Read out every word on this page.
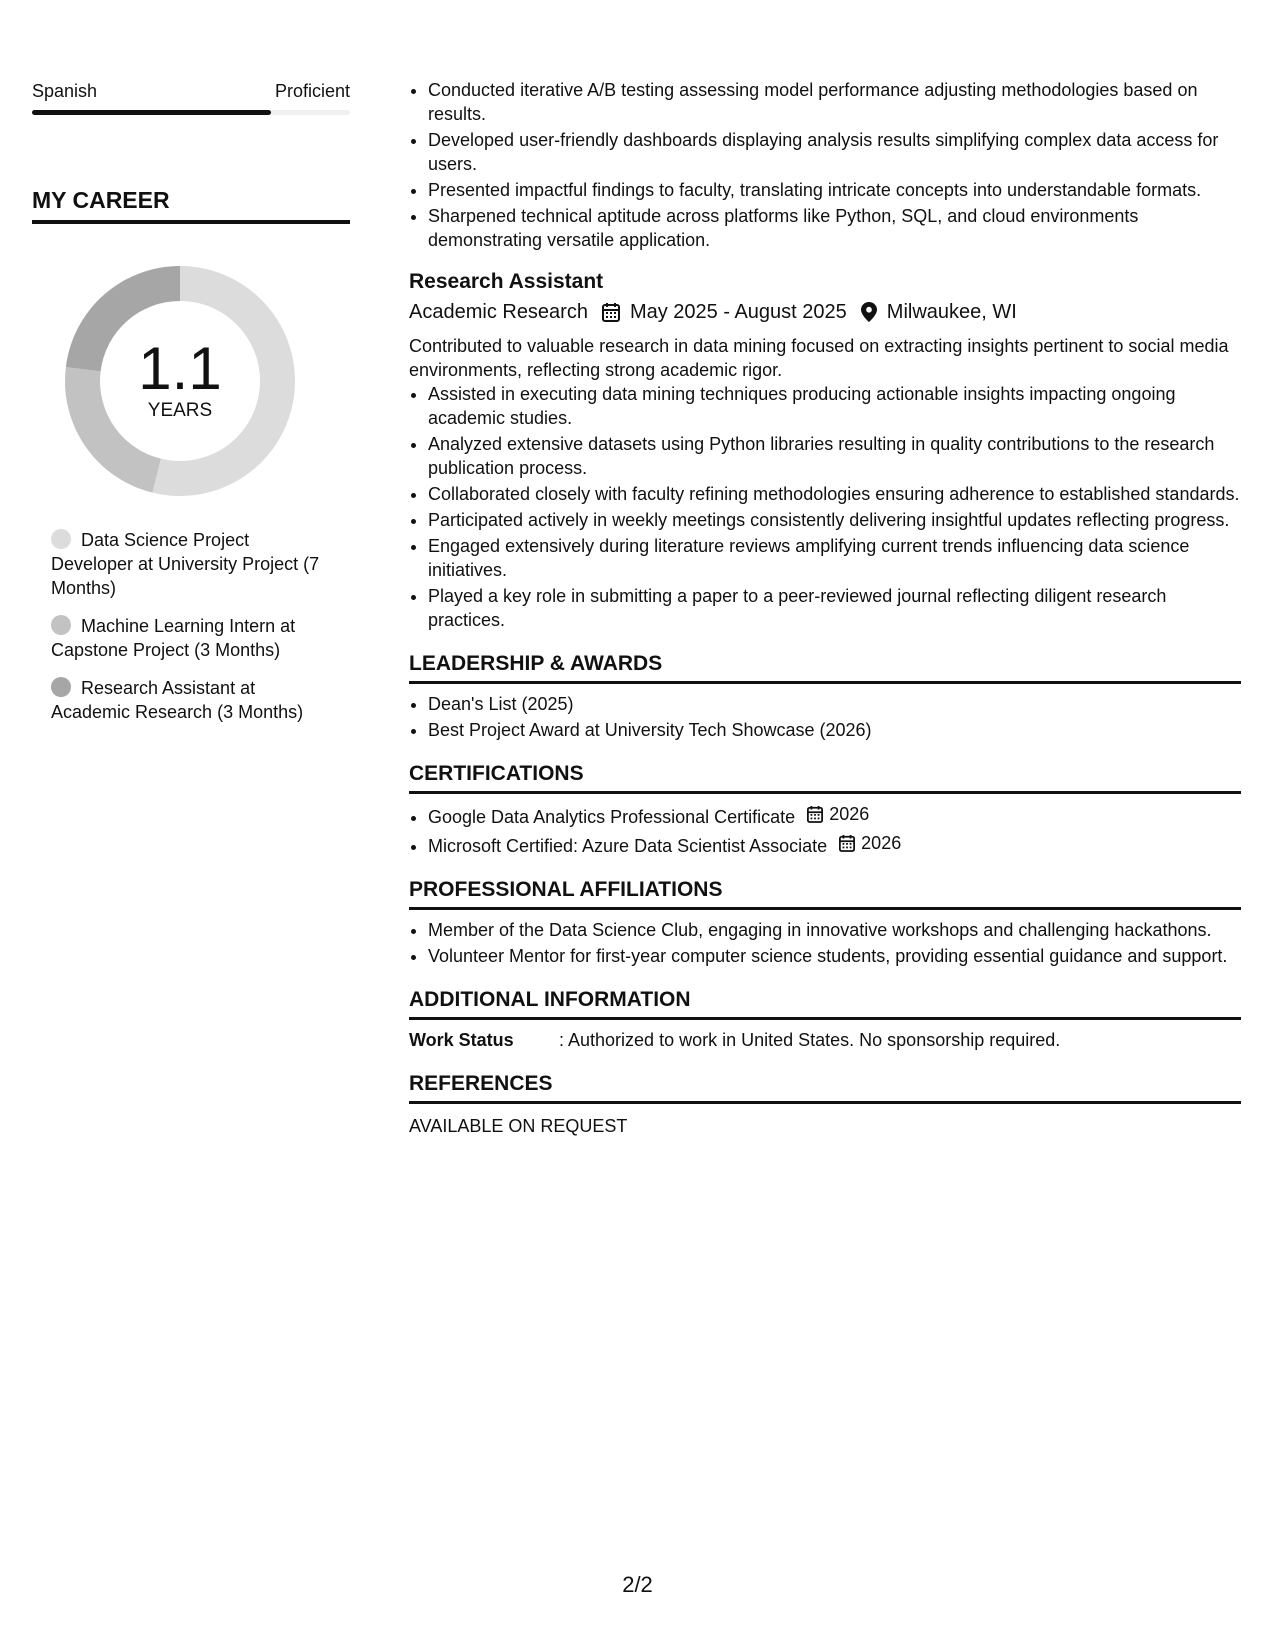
Spanish	Proficient
MY CAREER
1.1
YEARS
Data Science Project Developer at University Project (7 Months)
Machine Learning Intern at Capstone Project (3 Months)
Research Assistant at Academic Research (3 Months)
• Conducted iterative A/B testing assessing model performance adjusting methodologies based on results.
• Developed user-friendly dashboards displaying analysis results simplifying complex data access for users.
• Presented impactful findings to faculty, translating intricate concepts into understandable formats.
• Sharpened technical aptitude across platforms like Python, SQL, and cloud environments demonstrating versatile application.
Research Assistant
Academic Research May 2025 - August 2025 Milwaukee, WI
Contributed to valuable research in data mining focused on extracting insights pertinent to social media environments, reflecting strong academic rigor.
• Assisted in executing data mining techniques producing actionable insights impacting ongoing academic studies.
• Analyzed extensive datasets using Python libraries resulting in quality contributions to the research publication process.
• Collaborated closely with faculty refining methodologies ensuring adherence to established standards.
• Participated actively in weekly meetings consistently delivering insightful updates reflecting progress.
• Engaged extensively during literature reviews amplifying current trends influencing data science initiatives.
• Played a key role in submitting a paper to a peer-reviewed journal reflecting diligent research practices.
LEADERSHIP & AWARDS
• Dean's List (2025)
• Best Project Award at University Tech Showcase (2026)
CERTIFICATIONS
• Google Data Analytics Professional Certificate 2026
• Microsoft Certified: Azure Data Scientist Associate 2026
PROFESSIONAL AFFILIATIONS
• Member of the Data Science Club, engaging in innovative workshops and challenging hackathons.
• Volunteer Mentor for first-year computer science students, providing essential guidance and support.
ADDITIONAL INFORMATION
Work Status	: Authorized to work in United States. No sponsorship required.
REFERENCES
AVAILABLE ON REQUEST
2/2
